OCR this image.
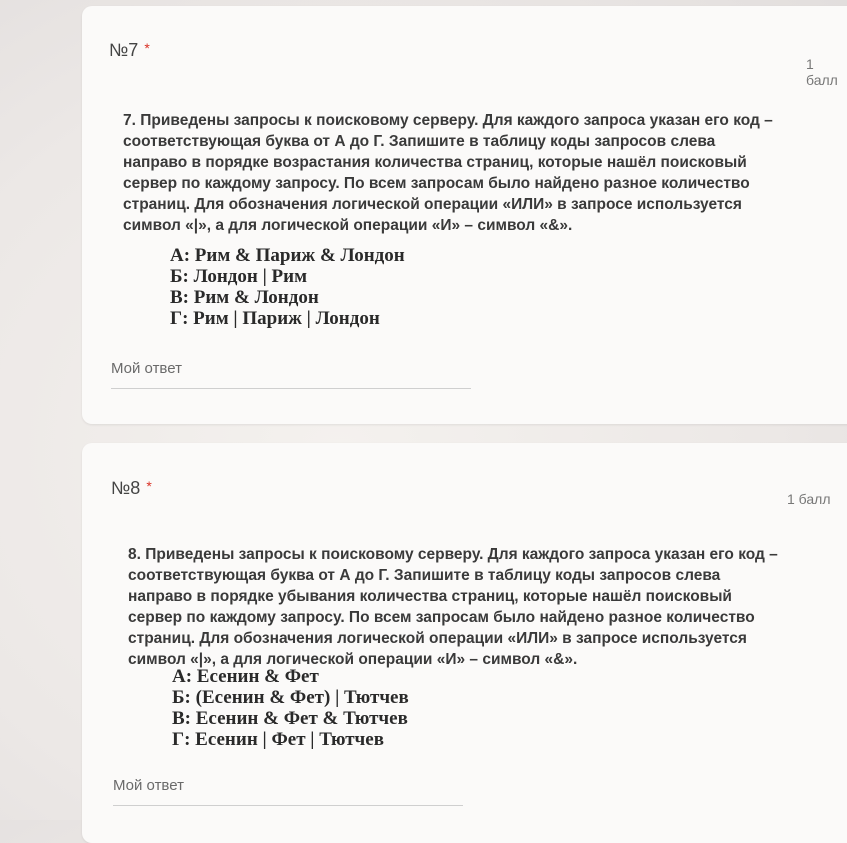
№7 *
1 балл
7. Приведены запросы к поисковому серверу. Для каждого запроса указан его код –
соответствующая буква от А до Г. Запишите в таблицу коды запросов слева
направо в порядке возрастания количества страниц, которые нашёл поисковый
сервер по каждому запросу. По всем запросам было найдено разное количество
страниц. Для обозначения логической операции «ИЛИ» в запросе используется
символ «|», а для логической операции «И» – символ «&».
А: Рим & Париж & Лондон
Б: Лондон | Рим
В: Рим & Лондон
Г: Рим | Париж | Лондон
Мой ответ
№8 *
1 балл
8. Приведены запросы к поисковому серверу. Для каждого запроса указан его код –
соответствующая буква от А до Г. Запишите в таблицу коды запросов слева
направо в порядке убывания количества страниц, которые нашёл поисковый
сервер по каждому запросу. По всем запросам было найдено разное количество
страниц. Для обозначения логической операции «ИЛИ» в запросе используется
символ «|», а для логической операции «И» – символ «&».
А: Есенин & Фет
Б: (Есенин & Фет) | Тютчев
В: Есенин & Фет & Тютчев
Г: Есенин | Фет | Тютчев
Мой ответ
